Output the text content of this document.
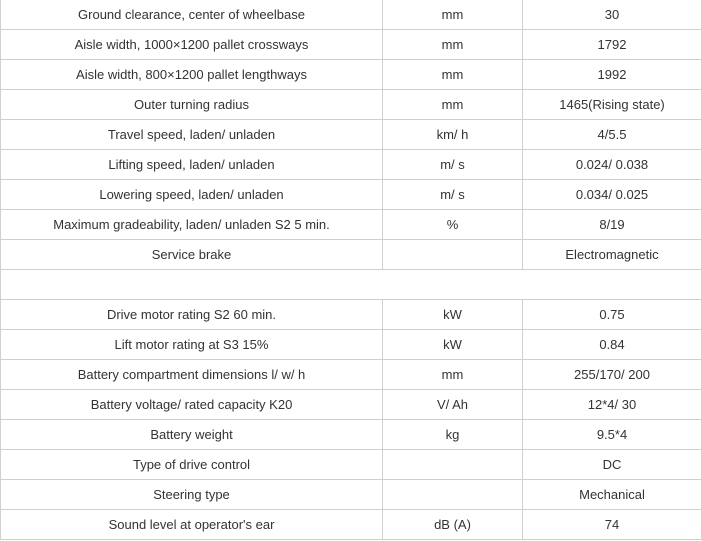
Ground clearance, center of wheelbase	mm	30
Aisle width, 1000×1200 pallet crossways	mm	1792
Aisle width, 800×1200 pallet lengthways	mm	1992
Outer turning radius	mm	1465(Rising state)
Travel speed, laden/ unladen	km/ h	4/5.5
Lifting speed, laden/ unladen	m/ s	0.024/ 0.038
Lowering speed, laden/ unladen	m/ s	0.034/ 0.025
Maximum gradeability, laden/ unladen S2 5 min.	%	8/19
Service brake		Electromagnetic

Drive motor rating S2 60 min.	kW	0.75
Lift motor rating at S3 15%	kW	0.84
Battery compartment dimensions l/ w/ h	mm	255/170/ 200
Battery voltage/ rated capacity K20	V/ Ah	12*4/ 30
Battery weight	kg	9.5*4
Type of drive control		DC
Steering type		Mechanical
Sound level at operator's ear	dB (A)	74
